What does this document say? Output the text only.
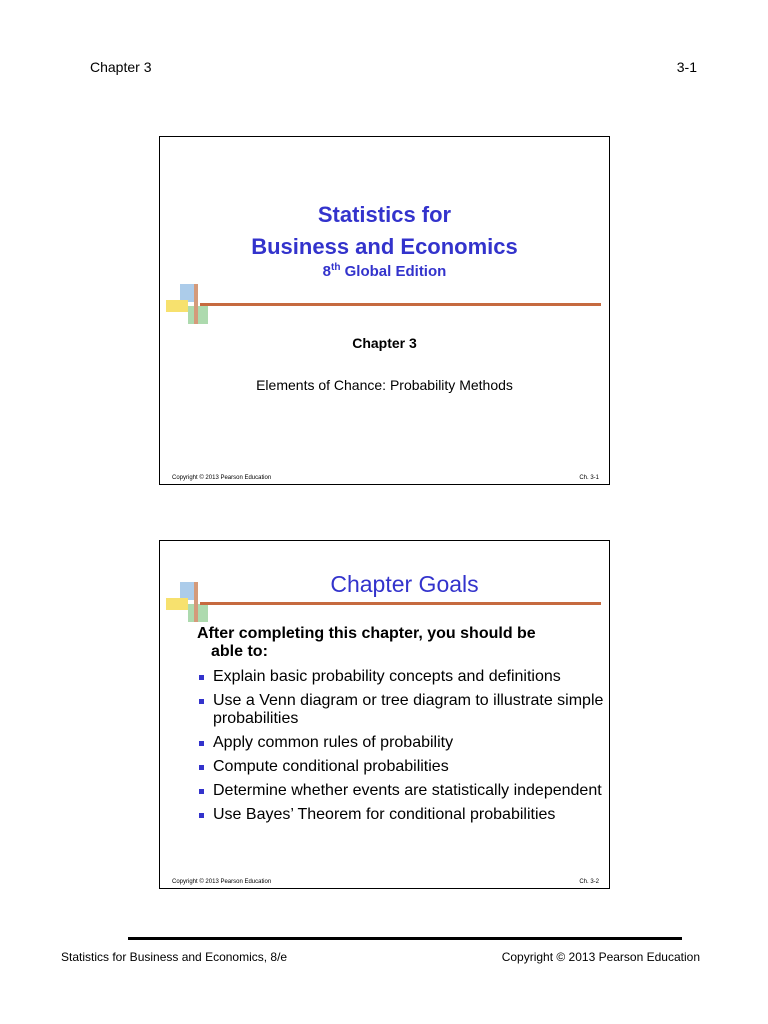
Chapter 3	3-1
Statistics for
Business and Economics
8th Global Edition
Chapter 3
Elements of Chance: Probability Methods
Copyright © 2013 Pearson Education	Ch. 3-1
Chapter Goals
After completing this chapter, you should be
able to:
Explain basic probability concepts and definitions
Use a Venn diagram or tree diagram to illustrate simple probabilities
Apply common rules of probability
Compute conditional probabilities
Determine whether events are statistically independent
Use Bayes’ Theorem for conditional probabilities
Copyright © 2013 Pearson Education	Ch. 3-2
Statistics for Business and Economics, 8/e	Copyright © 2013 Pearson Education
